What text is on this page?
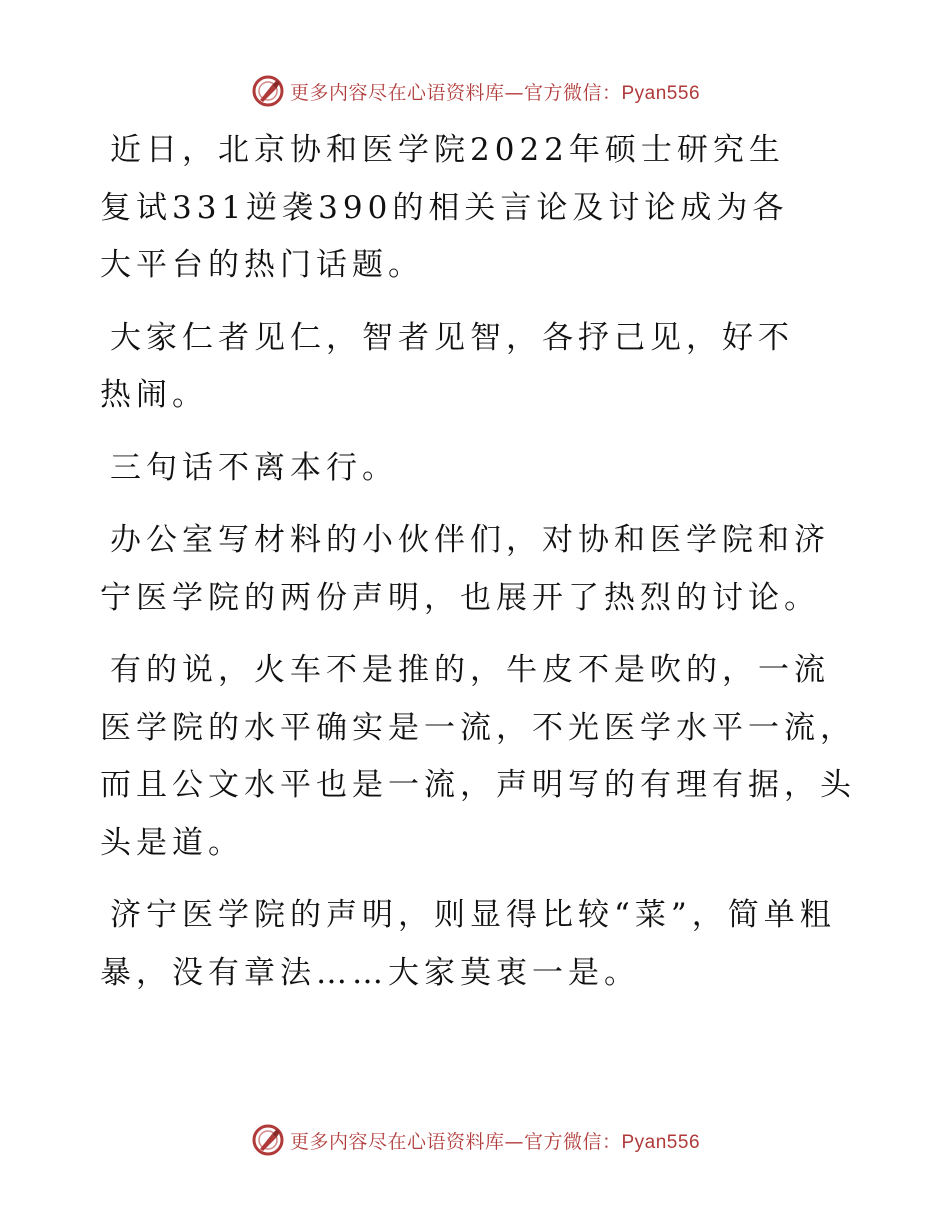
更多内容尽在心语资料库—官方微信：Pyan556

近日，北京协和医学院2022年硕士研究生复试331逆袭390的相关言论及讨论成为各大平台的热门话题。

大家仁者见仁，智者见智，各抒己见，好不热闹。

三句话不离本行。

办公室写材料的小伙伴们，对协和医学院和济宁医学院的两份声明，也展开了热烈的讨论。

有的说，火车不是推的，牛皮不是吹的，一流医学院的水平确实是一流，不光医学水平一流，而且公文水平也是一流，声明写的有理有据，头头是道。

济宁医学院的声明，则显得比较“菜”，简单粗暴，没有章法……大家莫衷一是。

更多内容尽在心语资料库—官方微信：Pyan556
